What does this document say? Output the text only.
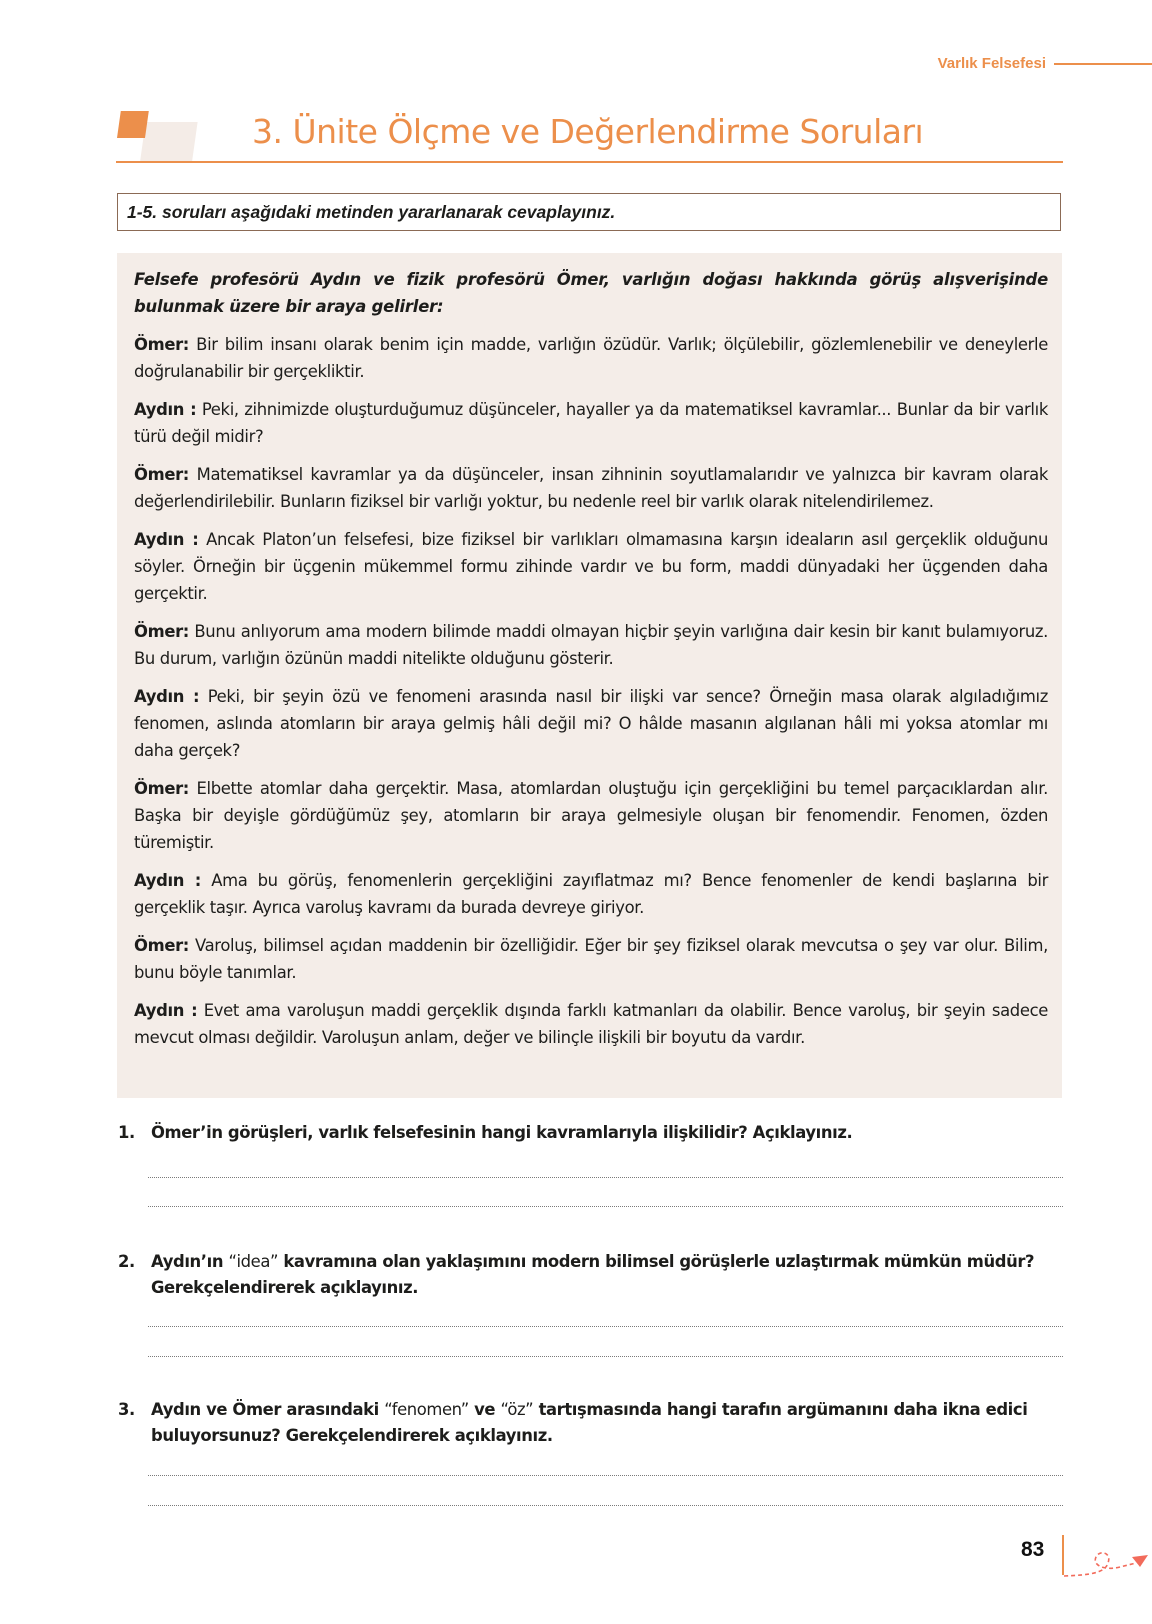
Varlık Felsefesi
3. Ünite Ölçme ve Değerlendirme Soruları
1-5. soruları aşağıdaki metinden yararlanarak cevaplayınız.

Felsefe profesörü Aydın ve fizik profesörü Ömer, varlığın doğası hakkında görüş alışverişinde bulunmak üzere bir araya gelirler:

Ömer: Bir bilim insanı olarak benim için madde, varlığın özüdür. Varlık; ölçülebilir, gözlemlenebilir ve deneylerle doğrulanabilir bir gerçekliktir.

Aydın : Peki, zihnimizde oluşturduğumuz düşünceler, hayaller ya da matematiksel kavramlar... Bunlar da bir varlık türü değil midir?

Ömer: Matematiksel kavramlar ya da düşünceler, insan zihninin soyutlamalarıdır ve yalnızca bir kavram olarak değerlendirilebilir. Bunların fiziksel bir varlığı yoktur, bu nedenle reel bir varlık olarak nitelendirilemez.

Aydın : Ancak Platon’un felsefesi, bize fiziksel bir varlıkları olmamasına karşın ideaların asıl gerçeklik olduğunu söyler. Örneğin bir üçgenin mükemmel formu zihinde vardır ve bu form, maddi dünyadaki her üçgenden daha gerçektir.

Ömer: Bunu anlıyorum ama modern bilimde maddi olmayan hiçbir şeyin varlığına dair kesin bir kanıt bulamıyoruz. Bu durum, varlığın özünün maddi nitelikte olduğunu gösterir.

Aydın : Peki, bir şeyin özü ve fenomeni arasında nasıl bir ilişki var sence? Örneğin masa olarak algıladığımız fenomen, aslında atomların bir araya gelmiş hâli değil mi? O hâlde masanın algılanan hâli mi yoksa atomlar mı daha gerçek?

Ömer: Elbette atomlar daha gerçektir. Masa, atomlardan oluştuğu için gerçekliğini bu temel parçacıklardan alır. Başka bir deyişle gördüğümüz şey, atomların bir araya gelmesiyle oluşan bir fenomendir. Fenomen, özden türemiştir.

Aydın : Ama bu görüş, fenomenlerin gerçekliğini zayıflatmaz mı? Bence fenomenler de kendi başlarına bir gerçeklik taşır. Ayrıca varoluş kavramı da burada devreye giriyor.

Ömer: Varoluş, bilimsel açıdan maddenin bir özelliğidir. Eğer bir şey fiziksel olarak mevcutsa o şey var olur. Bilim, bunu böyle tanımlar.

Aydın : Evet ama varoluşun maddi gerçeklik dışında farklı katmanları da olabilir. Bence varoluş, bir şeyin sadece mevcut olması değildir. Varoluşun anlam, değer ve bilinçle ilişkili bir boyutu da vardır.

1. Ömer’in görüşleri, varlık felsefesinin hangi kavramlarıyla ilişkilidir? Açıklayınız.
2. Aydın’ın “idea” kavramına olan yaklaşımını modern bilimsel görüşlerle uzlaştırmak mümkün müdür? Gerekçelendirerek açıklayınız.
3. Aydın ve Ömer arasındaki “fenomen” ve “öz” tartışmasında hangi tarafın argümanını daha ikna edici buluyorsunuz? Gerekçelendirerek açıklayınız.
83
